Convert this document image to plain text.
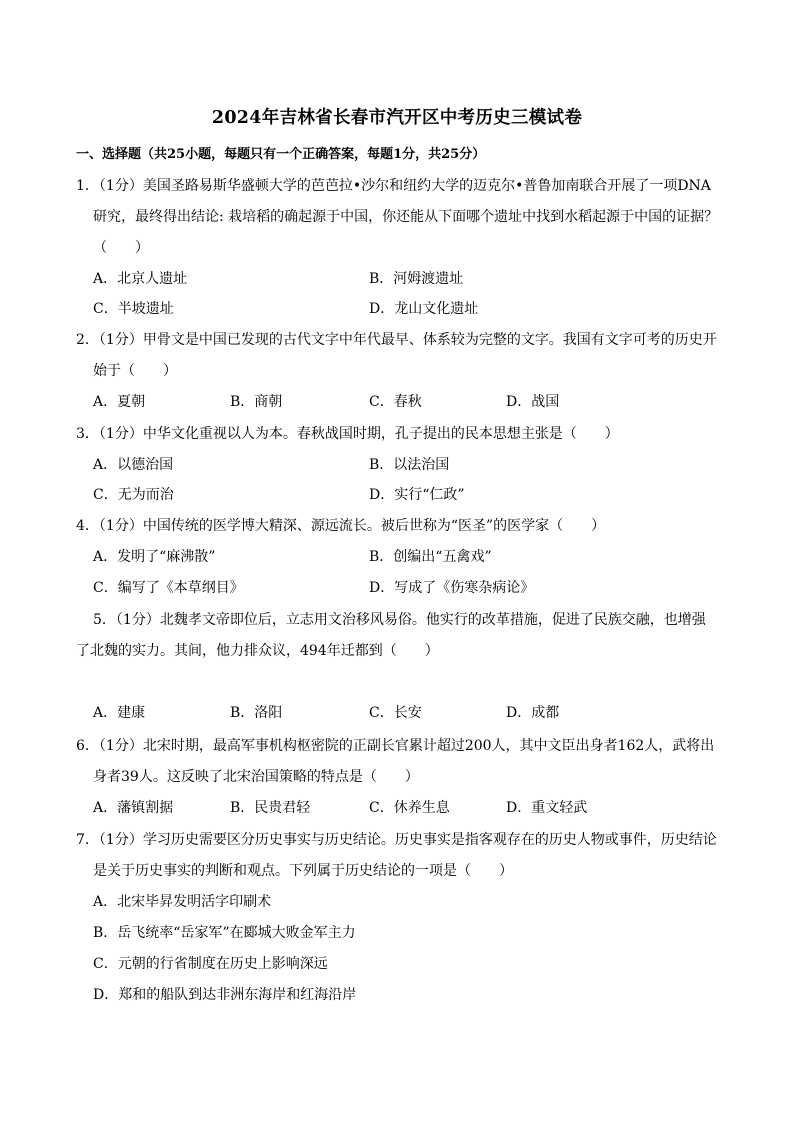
2024年吉林省长春市汽开区中考历史三模试卷
一、选择题（共25小题，每题只有一个正确答案，每题1分，共25分）
1．（1分）美国圣路易斯华盛顿大学的芭芭拉•沙尔和纽约大学的迈克尔•普鲁加南联合开展了一项DNA
研究，最终得出结论: 栽培稻的确起源于中国，你还能从下面哪个遗址中找到水稻起源于中国的证据？
（　　）
A．北京人遗址	B．河姆渡遗址
C．半坡遗址	D．龙山文化遗址
2．（1分）甲骨文是中国已发现的古代文字中年代最早、体系较为完整的文字。我国有文字可考的历史开
始于（　　）
A．夏朝	B．商朝	C．春秋	D．战国
3．（1分）中华文化重视以人为本。春秋战国时期，孔子提出的民本思想主张是（　　）
A．以德治国	B．以法治国
C．无为而治	D．实行“仁政”
4．（1分）中国传统的医学博大精深、源远流长。被后世称为“医圣”的医学家（　　）
A．发明了“麻沸散”	B．创编出“五禽戏”
C．编写了《本草纲目》	D．写成了《伤寒杂病论》
5．（1分）北魏孝文帝即位后，立志用文治移风易俗。他实行的改革措施，促进了民族交融，也增强
了北魏的实力。其间，他力排众议，494年迁都到（　　）
A．建康	B．洛阳	C．长安	D．成都
6．（1分）北宋时期，最高军事机构枢密院的正副长官累计超过200人，其中文臣出身者162人，武将出
身者39人。这反映了北宋治国策略的特点是（　　）
A．藩镇割据	B．民贵君轻	C．休养生息	D．重文轻武
7．（1分）学习历史需要区分历史事实与历史结论。历史事实是指客观存在的历史人物或事件，历史结论
是关于历史事实的判断和观点。下列属于历史结论的一项是（　　）
A．北宋毕昇发明活字印刷术
B．岳飞统率“岳家军”在郾城大败金军主力
C．元朝的行省制度在历史上影响深远
D．郑和的船队到达非洲东海岸和红海沿岸
